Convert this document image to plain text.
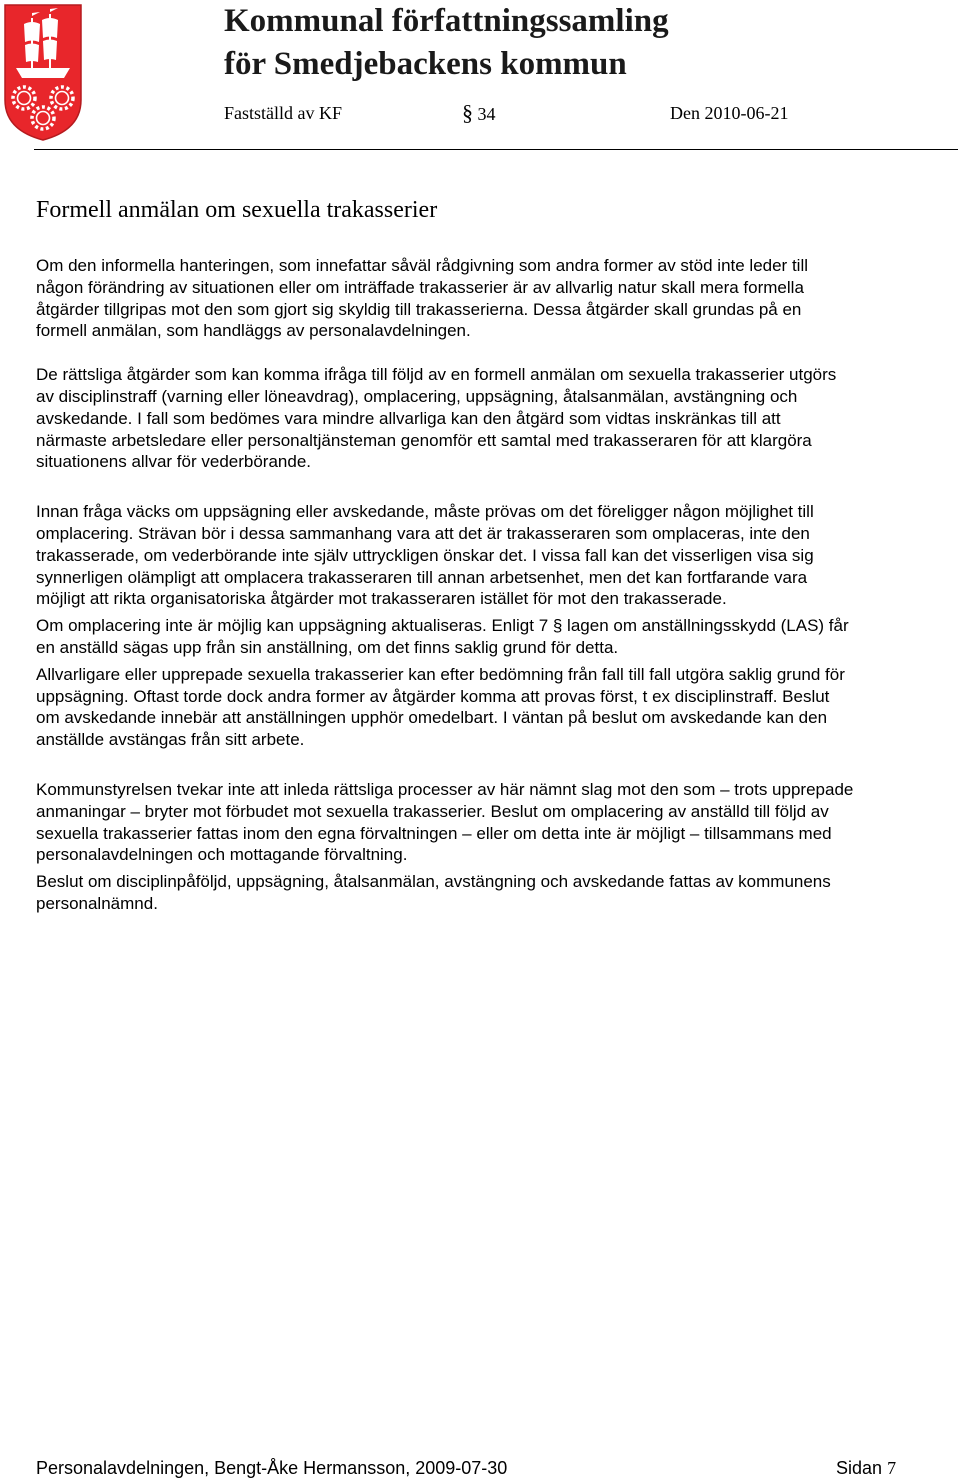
Kommunal författningssamling
för Smedjebackens kommun
Fastställd av KF	§ 34	Den 2010-06-21
Formell anmälan om sexuella trakasserier

Om den informella hanteringen, som innefattar såväl rådgivning som andra former av stöd inte leder till
någon förändring av situationen eller om inträffade trakasserier är av allvarlig natur skall mera formella
åtgärder tillgripas mot den som gjort sig skyldig till trakasserierna. Dessa åtgärder skall grundas på en
formell anmälan, som handläggs av personalavdelningen.

De rättsliga åtgärder som kan komma ifråga till följd av en formell anmälan om sexuella trakasserier utgörs
av disciplinstraff (varning eller löneavdrag), omplacering, uppsägning, åtalsanmälan, avstängning och
avskedande. I fall som bedömes vara mindre allvarliga kan den åtgärd som vidtas inskränkas till att
närmaste arbetsledare eller personaltjänsteman genomför ett samtal med trakasseraren för att klargöra
situationens allvar för vederbörande.

Innan fråga väcks om uppsägning eller avskedande, måste prövas om det föreligger någon möjlighet till
omplacering. Strävan bör i dessa sammanhang vara att det är trakasseraren som omplaceras, inte den
trakasserade, om vederbörande inte själv uttryckligen önskar det. I vissa fall kan det visserligen visa sig
synnerligen olämpligt att omplacera trakasseraren till annan arbetsenhet, men det kan fortfarande vara
möjligt att rikta organisatoriska åtgärder mot trakasseraren istället för mot den trakasserade.

Om omplacering inte är möjlig kan uppsägning aktualiseras. Enligt 7 § lagen om anställningsskydd (LAS) får
en anställd sägas upp från sin anställning, om det finns saklig grund för detta.

Allvarligare eller upprepade sexuella trakasserier kan efter bedömning från fall till fall utgöra saklig grund för
uppsägning. Oftast torde dock andra former av åtgärder komma att provas först, t ex disciplinstraff. Beslut
om avskedande innebär att anställningen upphör omedelbart. I väntan på beslut om avskedande kan den
anställde avstängas från sitt arbete.

Kommunstyrelsen tvekar inte att inleda rättsliga processer av här nämnt slag mot den som – trots upprepade
anmaningar – bryter mot förbudet mot sexuella trakasserier. Beslut om omplacering av anställd till följd av
sexuella trakasserier fattas inom den egna förvaltningen – eller om detta inte är möjligt – tillsammans med
personalavdelningen och mottagande förvaltning.

Beslut om disciplinpåföljd, uppsägning, åtalsanmälan, avstängning och avskedande fattas av kommunens
personalnämnd.

Personalavdelningen, Bengt-Åke Hermansson, 2009-07-30	Sidan 7
